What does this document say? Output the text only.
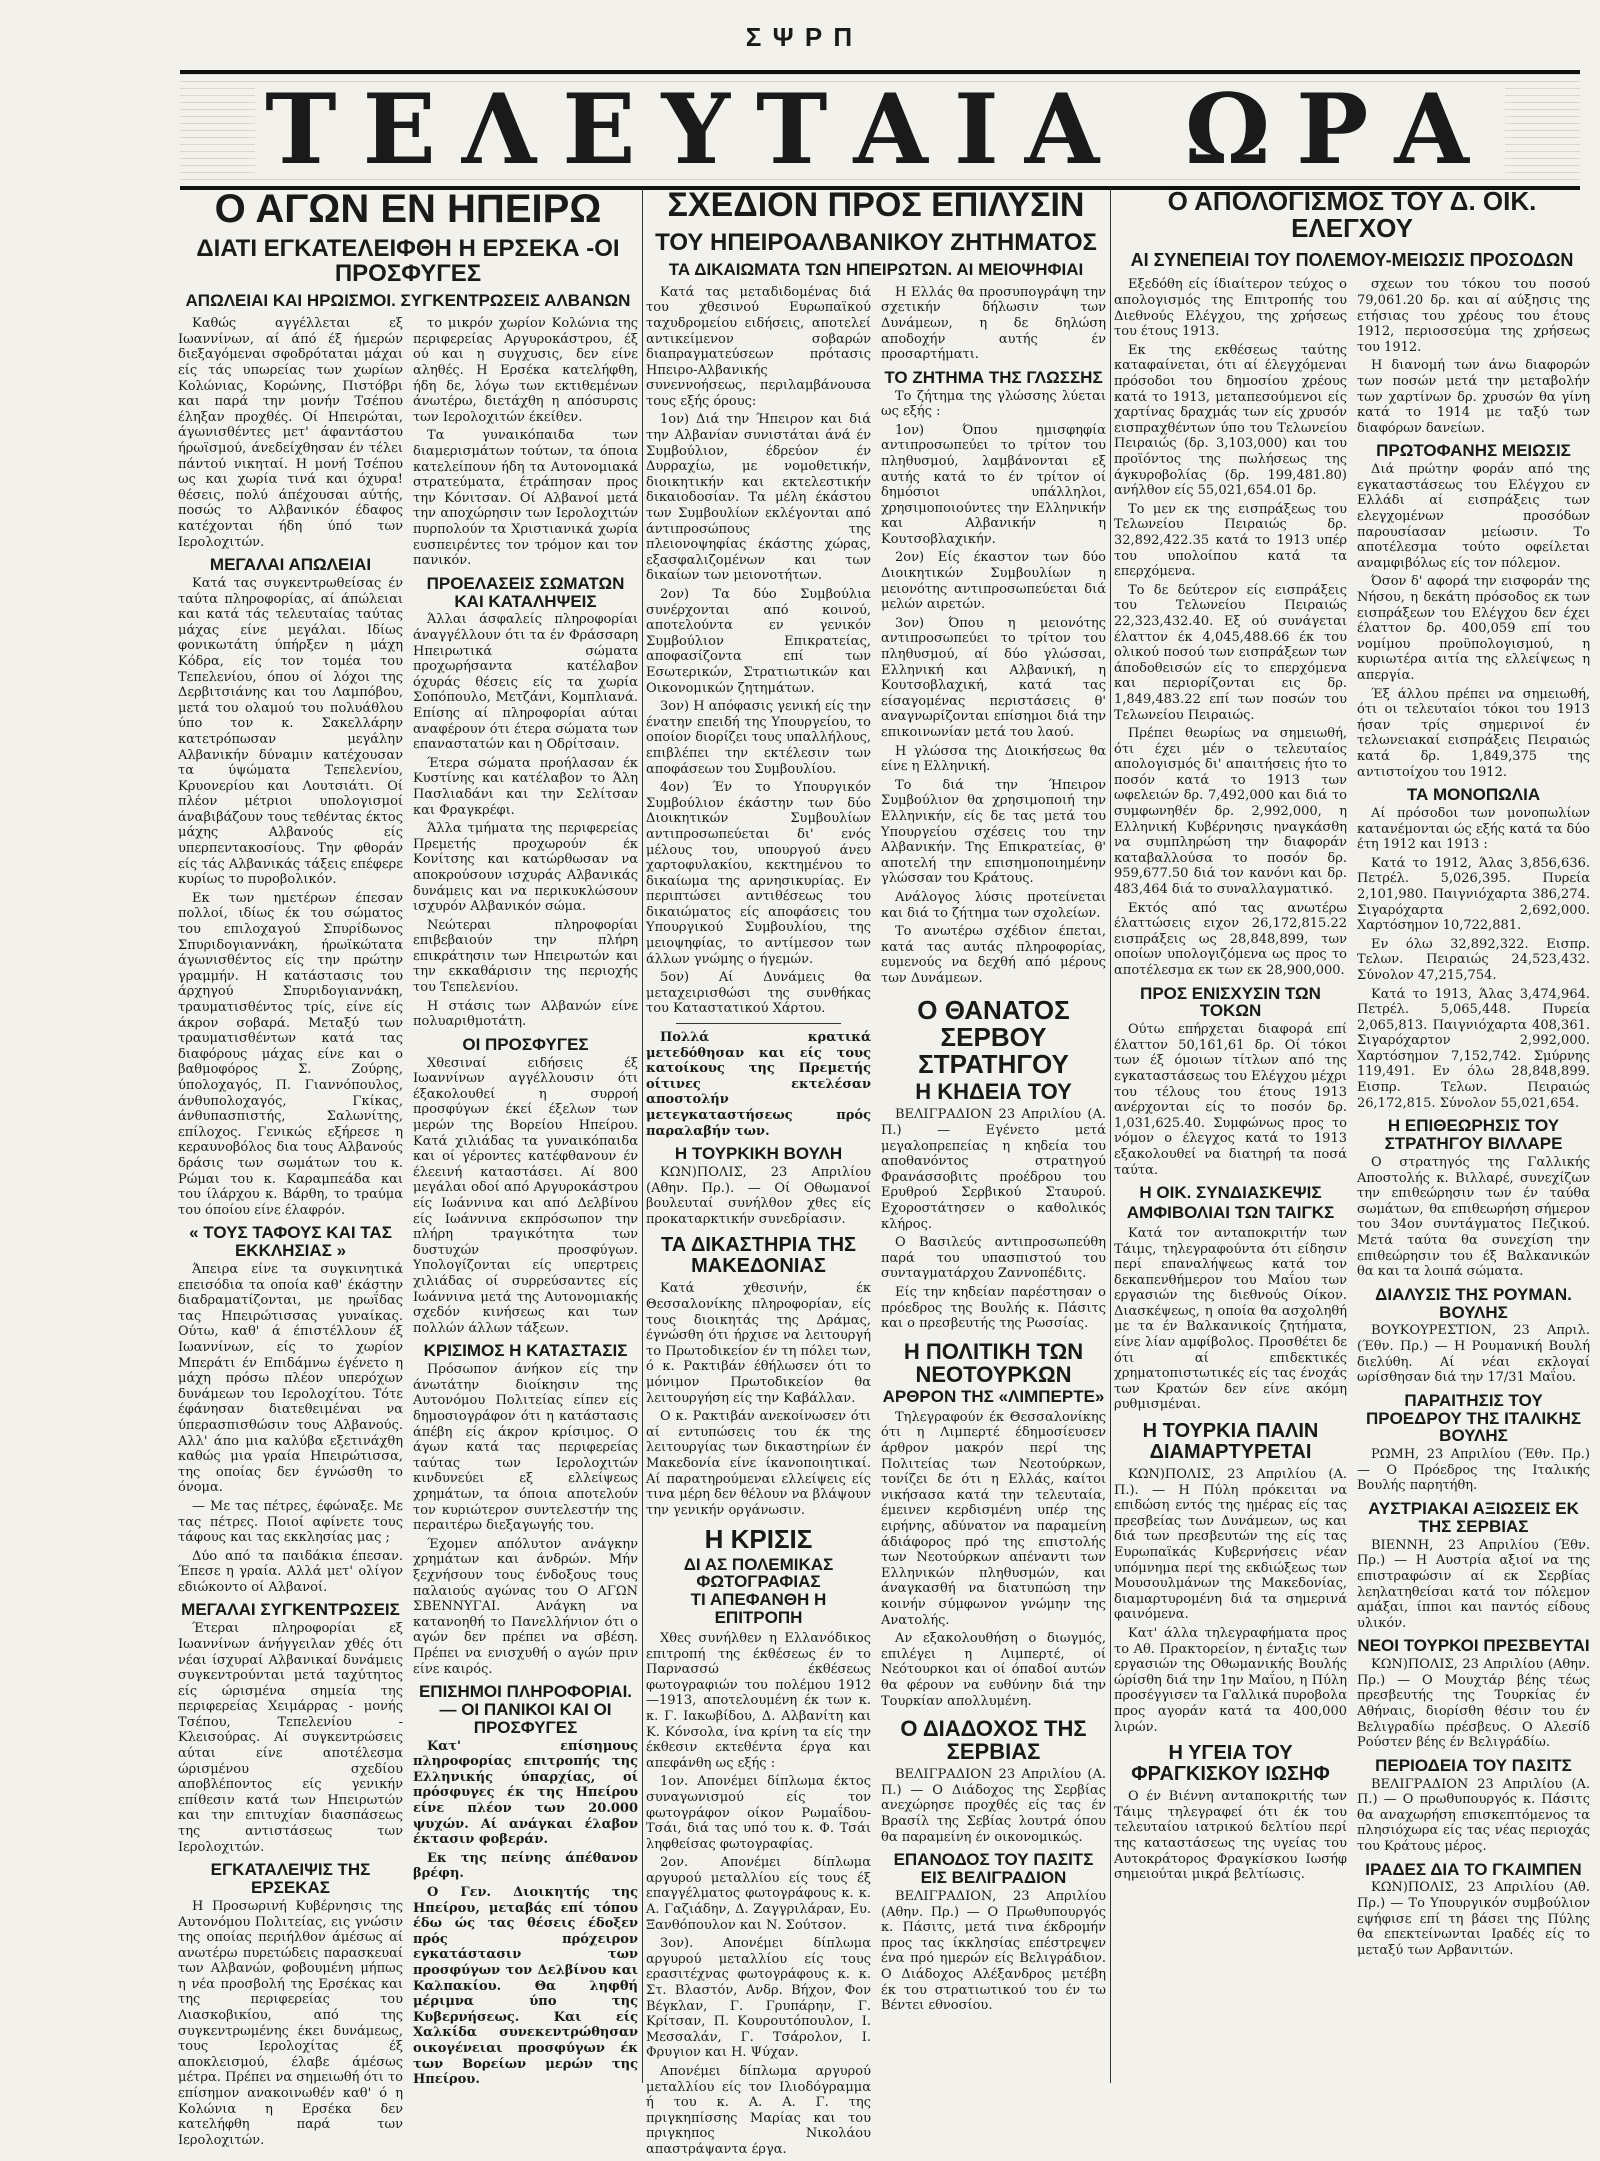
Σ Ψ Ρ Π
ΤΕΛΕΥΤΑΙΑ ΩΡΑ
Ο ΑΓΩΝ ΕΝ ΗΠΕΙΡΩ
ΔΙΑΤΙ ΕΓΚΑΤΕΛΕΙΦΘΗ Η ΕΡΣΕΚΑ -ΟΙ ΠΡΟΣΦΥΓΕΣ
ΑΠΩΛΕΙΑΙ ΚΑΙ ΗΡΩΙΣΜΟΙ. ΣΥΓΚΕΝΤΡΩΣΕΙΣ ΑΛΒΑΝΩΝ

Καθώς αγγέλλεται εξ Ιωαννίνων, αί άπό έξ ήμερών διεξαγόμεναι σφοδρόταται μάχαι είς τάς υπωρείας των χωρίων Κολώνιας, Κορώνης, Πιστόβρι και παρά την μονήν Τσέπου έληξαν προχθές. Οί Ηπειρώται, άγωνισθέντες μετ' άφαντάστου ήρωϊσμού, άνεδείχθησαν έν τέλει πάντού νικηταί. Η μονή Τσέπου ως και χωρία τινά και όχυρα! θέσεις, πολύ άπέχουσαι αύτής, ποσώς το Αλβανικόν έδαφος κατέχονται ήδη ύπό των Ιερολοχιτών.

ΜΕΓΑΛΑΙ ΑΠΩΛΕΙΑΙ

Κατά τας συγκεντρωθείσας έν ταύτα πληροφορίας, αί άπώλειαι και κατά τάς τελευταίας ταύτας μάχας είνε μεγάλαι. Ιδίως φονικωτάτη ύπήρξεν η μάχη Κόδρα, είς τον τομέα του Τεπελενίου, όπου οί λόχοι της Δερβιτσιάνης και του Λαμπόβου, μετά του ολαμού του πολυάθλου ύπο τον κ. Σακελλάρην κατετρόπωσαν μεγάλην Αλβανικήν δύναμιν κατέχουσαν τα ύψώματα Τεπελενίου, Κρυονερίου και Λουτσιάτι. Οί πλέον μέτριοι υπολογισμοί άναβιβάζουν τους τεθέντας έκτος μάχης Αλβανούς είς υπερπεντακοσίους. Την φθοράν είς τάς Αλβανικάς τάξεις επέφερε κυρίως το πυροβολικόν.

Εκ των ημετέρων έπεσαν πολλοί, ιδίως έκ του σώματος του επιλοχαγού Σπυρίδωνος Σπυριδογιαννάκη, ήρωϊκώτατα άγωνισθέντος είς την πρώτην γραμμήν. Η κατάστασις του άρχηγού Σπυριδογιαννάκη, τραυματισθέντος τρίς, είνε είς άκρον σοβαρά. Μεταξύ των τραυματισθέντων κατά τας διαφόρους μάχας είνε και ο βαθμοφόρος Σ. Ζούρης, ύπολοχαγός, Π. Γιαννόπουλος, άνθυπολοχαγός, Γκίκας, άνθυπασπιστής, Σαλωνίτης, επίλοχος. Γενικώς εξήρεσε η κεραυνοβόλος δια τους Αλβανούς δράσις των σωμάτων του κ. Ρώμαι του κ. Καραμπεάδα και του ίλάρχου κ. Βάρθη, το τραύμα του όποίου είνε έλαφρόν.

« ΤΟΥΣ ΤΑΦΟΥΣ ΚΑΙ ΤΑΣ ΕΚΚΛΗΣΙΑΣ »

Άπειρα είνε τα συγκινητικά επεισόδια τα οποία καθ' έκάστην διαδραματίζονται, με ηρωΐδας τας Ηπειρώτισσας γυναίκας. Ούτω, καθ' ά έπιστέλλουν έξ Ιωαννίνων, είς το χωρίον Μπεράτι έν Επιδάμνω έγένετο η μάχη πρόσω πλέον υπερόχων δυνάμεων του Ιερολοχίτου. Τότε έφάνησαν διατεθειμέναι να ύπερασπισθώσιν τους Αλβανούς. Αλλ' άπο μια καλύβα εξετινάχθη καθώς μια γραία Ηπειρώτισσα, της οποίας δεν έγνώσθη το όνομα.

— Με τας πέτρες, έφώναξε. Με τας πέτρες. Ποιοί αφίνετε τους τάφους και τας εκκλησίας μας ;

Δύο από τα παιδάκια έπεσαν. Έπεσε η γραία. Αλλά μετ' ολίγον εδιώκοντο οί Αλβανοί.

ΜΕΓΑΛΑΙ ΣΥΓΚΕΝΤΡΩΣΕΙΣ

Έτεραι πληροφορίαι εξ Ιωαννίνων άνήγγειλαν χθές ότι νέαι ίσχυραί Αλβανικαί δυνάμεις συγκεντρούνται μετά ταχύτητος είς ώρισμένα σημεία της περιφερείας Χειμάρρας - μονής Τσέπου, Τεπελενίου - Κλεισούρας. Αί συγκεντρώσεις αύται είνε αποτέλεσμα ώρισμένου σχεδίου αποβλέποντος είς γενικήν επίθεσιν κατά των Ηπειρωτών και την επιτυχίαν διασπάσεως της αντιστάσεως των Ιερολοχιτών.

ΕΓΚΑΤΑΛΕΙΨΙΣ ΤΗΣ ΕΡΣΕΚΑΣ

Η Προσωρινή Κυβέρνησις της Αυτονόμου Πολιτείας, εις γνώσιν της οποίας περιήλθον άμέσως αί ανωτέρω πυρετώδεις παρασκευαί των Αλβανών, φοβουμένη μήπως η νέα προσβολή της Ερσέκας και της περιφερείας του Λιασκοβικίου, από της συγκεντρωμένης έκει δυνάμεως, τους Ιερολοχίτας έξ αποκλεισμού, έλαβε άμέσως μέτρα. Πρέπει να σημειωθή ότι το επίσημον ανακοινωθέν καθ' ό η Κολώνια η Ερσέκα δεν κατελήφθη παρά των Ιερολοχιτών.

το μικρόν χωρίον Κολώνια της περιφερείας Αργυροκάστρου, έξ ού και η συγχυσις, δεν είνε αληθές. Η Ερσέκα κατελήφθη, ήδη δε, λόγω των εκτιθεμένων άνωτέρω, διετάχθη η απόσυρσις των Ιερολοχιτών έκείθεν.

Τα γυναικόπαιδα των διαμερισμάτων τούτων, τα όποια κατελείπουν ήδη τα Αυτονομιακά στρατεύματα, έτράπησαν προς την Κόνιτσαν. Οί Αλβανοί μετά την αποχώρησιν των Ιερολοχιτών πυρπολούν τα Χριστιανικά χωρία ευσπειρέντες τον τρόμον και τον πανικόν.

ΠΡΟΕΛΑΣΕΙΣ ΣΩΜΑΤΩΝ ΚΑΙ ΚΑΤΑΛΗΨΕΙΣ

Άλλαι άσφαλείς πληροφορίαι άναγγέλλουν ότι τα έν Φράσσαρη Ηπειρωτικά σώματα προχωρήσαντα κατέλαβον όχυράς θέσεις είς τα χωρία Σοπόπουλο, Μετζάνι, Κομπλιανά. Επίσης αί πληροφορίαι αύται αναφέρουν ότι έτερα σώματα των επαναστατών και η Οδρίτσαιν.

Έτερα σώματα προήλασαν έκ Κυστίνης και κατέλαβον το Άλη Πασλιαδάνι και την Σελίτσαν και Φραγκρέφι.

Άλλα τμήματα της περιφερείας Πρεμετής προχωρούν έκ Κονίτσης και κατώρθωσαν να αποκρούσουν ισχυράς Αλβανικάς δυνάμεις και να περικυκλώσουν ισχυρόν Αλβανικόν σώμα.

Νεώτεραι πληροφορίαι επιβεβαιούν την πλήρη επικράτησιν των Ηπειρωτών και την εκκαθάρισιν της περιοχής του Τεπελενίου.

Η στάσις των Αλβανών είνε πολυαριθμοτάτη.

ΟΙ ΠΡΟΣΦΥΓΕΣ

Χθεσιναί ειδήσεις έξ Ιωαννίνων αγγέλλουσιν ότι έξακολουθεί η συρροή προσφύγων έκεί έξελων των μερών της Βορείου Ηπείρου. Κατά χιλιάδας τα γυναικόπαιδα και οί γέροντες κατέφθανουν έν έλεεινή καταστάσει. Αί 800 μεγάλαι οδοί από Αργυροκάστρου είς Ιωάννινα και από Δελβίνου είς Ιωάννινα εκπρόσωπον την πλήρη τραγικότητα των δυστυχών προσφύγων. Υπολογίζονται είς υπερτρεις χιλιάδας οί συρρεύσαντες είς Ιωάννινα μετά της Αυτονομιακής σχεδόν κινήσεως και των πολλών άλλων τάξεων.

ΚΡΙΣΙΜΟΣ Η ΚΑΤΑΣΤΑΣΙΣ

Πρόσωπον άνήκον είς την άνωτάτην διοίκησιν της Αυτονόμου Πολιτείας είπεν είς δημοσιογράφον ότι η κατάστασις άπέβη είς άκρον κρίσιμος. Ο άγων κατά τας περιφερείας ταύτας των Ιερολοχιτών κινδυνεύει εξ ελλείψεως χρημάτων, τα όποια αποτελούν τον κυριώτερον συντελεστήν της περαιτέρω διεξαγωγής του.

Έχομεν απόλυτον ανάγκην χρημάτων και άνδρών. Μήν ξεχνήσουν τους ένδοξους τους παλαιούς αγώνας του Ο ΑΓΩΝ ΣΒΕΝΝΥΓΑΙ. Ανάγκη να κατανοηθή το Πανελλήνιον ότι ο αγών δεν πρέπει να σβέση. Πρέπει να ενισχυθή ο αγών πριν είνε καιρός.

ΕΠΙΣΗΜΟΙ ΠΛΗΡΟΦΟΡΙΑΙ. — ΟΙ ΠΑΝΙΚΟΙ ΚΑΙ ΟΙ ΠΡΟΣΦΥΓΕΣ

Κατ' επίσημους πληροφορίας επιτροπής της Ελληνικής ύπαρχίας, οί πρόσφυγες έκ της Ηπείρου είνε πλέον των 20.000 ψυχών. Αί ανάγκαι έλαβον έκτασιν φοβεράν.

Εκ της πείνης άπέθανον βρέφη.

Ο Γεν. Διοικητής της Ηπείρου, μεταβάς επί τόπου έδω ώς τας θέσεις έδοξεν πρός πρόχειρον εγκατάστασιν των προσφύγων τον Δελβίνου και Καλπακίου. Θα ληφθή μέριμνα ύπο της Κυβερνήσεως. Και είς Χαλκίδα συνεκεντρώθησαν οικογένειαι προσφύγων έκ των Βορείων μερών της Ηπείρου.

ΣΧΕΔΙΟΝ ΠΡΟΣ ΕΠΙΛΥΣΙΝ
ΤΟΥ ΗΠΕΙΡΟΑΛΒΑΝΙΚΟΥ ΖΗΤΗΜΑΤΟΣ
ΤΑ ΔΙΚΑΙΩΜΑΤΑ ΤΩΝ ΗΠΕΙΡΩΤΩΝ. ΑΙ ΜΕΙΟΨΗΦΙΑΙ

Κατά τας μεταδιδομένας διά του χθεσινού Ευρωπαϊκού ταχυδρομείου ειδήσεις, αποτελεί αντικείμενον σοβαρών διαπραγματεύσεων πρότασις Ηπειρο-Αλβανικής συνεννοήσεως, περιλαμβάνουσα τους εξής όρους:

1ον) Διά την Ήπειρον και διά την Αλβανίαν συνιστάται άνά έν Συμβούλιον, έδρεύον έν Δυρραχίω, με νομοθετικήν, διοικητικήν και εκτελεστικήν δικαιοδοσίαν. Τα μέλη έκάστου των Συμβουλίων εκλέγονται από άντιπροσώπους της πλειονοψηφίας έκάστης χώρας, εξασφαλιζομένων και των δικαίων των μειονοτήτων.

2ον) Τα δύο Συμβούλια συνέρχονται από κοινού, αποτελούντα εν γενικόν Συμβούλιον Επικρατείας, αποφασίζοντα επί των Εσωτερικών, Στρατιωτικών και Οικονομικών ζητημάτων.

3ον) Η απόφασις γενική είς την ένατην επειδή της Υπουργείου, το οποίον διορίζει τους υπαλλήλους, επιβλέπει την εκτέλεσιν των αποφάσεων του Συμβουλίου.

4ον) Έν το Υπουργικόν Συμβούλιον έκάστην των δύο Διοικητικών Συμβουλίων αντιπροσωπεύεται δι' ενός μέλους του, υπουργού άνευ χαρτοφυλακίου, κεκτημένου το δικαίωμα της αρνησικυρίας. Εν περιπτώσει αντιθέσεως του δικαιώματος είς αποφάσεις του Υπουργικού Συμβουλίου, της μειοψηφίας, το αντίμεσον των άλλων γνώμης ο ήγεμών.

5ον) Αί Δυνάμεις θα μεταχειρισθώσι της συνθήκας του Καταστατικού Χάρτου.

Πολλά κρατικά μετεδόθησαν και είς τους κατοίκους της Πρεμετής οίτινες εκτελέσαν αποστολήν μετεγκαταστήσεως πρός παραλαβήν των.

Η ΤΟΥΡΚΙΚΗ ΒΟΥΛΗ

ΚΩΝ)ΠΟΛΙΣ, 23 Απριλίου (Αθην. Πρ.). — Οί Οθωμανοί βουλευταί συνήλθον χθες είς προκαταρκτικήν συνεδρίασιν.

ΤΑ ΔΙΚΑΣΤΗΡΙΑ ΤΗΣ ΜΑΚΕΔΟΝΙΑΣ

Κατά χθεσινήν, έκ Θεσσαλονίκης πληροφορίαν, είς τους διοικητάς της Δράμας, έγνώσθη ότι ήρχισε να λειτουργή το Πρωτοδικείον έν τη πόλει των, ό κ. Ρακτιβάν έθήλωσεν ότι το μόνιμον Πρωτοδικείον θα λειτουργήση είς την Καβάλλαν.

Ο κ. Ρακτιβάν ανεκοίνωσεν ότι αί εντυπώσεις του έκ της λειτουργίας των δικαστηρίων έν Μακεδονία είνε ίκανοποιητικαί. Αί παρατηρούμεναι ελλείψεις είς τινα μέρη δεν θέλουν να βλάψουν την γενικήν οργάνωσιν.

Η ΚΡΙΣΙΣ
ΔΙ ΑΣ ΠΟΛΕΜΙΚΑΣ ΦΩΤΟΓΡΑΦΙΑΣ
ΤΙ ΑΠΕΦΑΝΘΗ Η ΕΠΙΤΡΟΠΗ

Χθες συνήλθεν η Ελλανόδικος επιτροπή της έκθέσεως έν το Παρνασσώ έκθέσεως φωτογραφιών του πολέμου 1912—1913, αποτελουμένη έκ των κ. κ. Γ. Ιακωβίδου, Δ. Αλβανίτη και Κ. Κόνσολα, ίνα κρίνη τα είς την έκθεσιν εκτεθέντα έργα και απεφάνθη ως εξής :

1ον. Απονέμει δίπλωμα έκτος συναγωνισμού είς τον φωτογράφον οίκον Ρωμαΐδου-Τσάι, διά τας υπό του κ. Φ. Τσάι ληφθείσας φωτογραφίας.

2ον. Απονέμει δίπλωμα αργυρού μεταλλίου είς τους έξ επαγγέλματος φωτογράφους κ. κ. Α. Γαζιάδην, Δ. Ζαγγριλάραν, Ευ. Ξανθόπουλον και Ν. Σούτσον.

3ον). Απονέμει δίπλωμα αργυρού μεταλλίου είς τους ερασιτέχνας φωτογράφους κ. κ. Στ. Βλαστόν, Ανδρ. Βήχον, Φον Βέγκλαν, Γ. Γρυπάρην, Γ. Κρίτσαν, Π. Κουρουτόπουλον, Ι. Μεσσαλάν, Γ. Τσάρολον, Ι. Φρυγιον και Η. Ψύχαν.

Απονέμει δίπλωμα αργυρού μεταλλίου είς τον Ιλιοδόγραμμα ή του κ. Α. Α. Γ. της πριγκηπίσσης Μαρίας και του πριγκηπος Νικολάου απαστράψαντα έργα.

Η Ελλάς θα προσυπογράψη την σχετικήν δήλωσιν των Δυνάμεων, η δε δηλώση αποδοχήν αυτής έν προσαρτήματι.

ΤΟ ΖΗΤΗΜΑ ΤΗΣ ΓΛΩΣΣΗΣ

Το ζήτημα της γλώσσης λύεται ως εξής :

1ον) Όπου ημισφηφία αντιπροσωπεύει το τρίτον του πληθυσμού, λαμβάνονται εξ αυτής κατά το έν τρίτον οί δημόσιοι υπάλληλοι, χρησιμοποιούντες την Ελληνικήν και Αλβανικήν η Κουτσοβλαχικήν.

2ον) Είς έκαστον των δύο Διοικητικών Συμβουλίων η μειονότης αντιπροσωπεύεται διά μελών αιρετών.

3ον) Όπου η μειονότης αντιπροσωπεύει το τρίτον του πληθυσμού, αί δύο γλώσσαι, Ελληνική και Αλβανική, η Κουτσοβλαχική, κατά τας είσαγομένας περιστάσεις θ' αναγνωρίζονται επίσημοι διά την επικοινωνίαν μετά του λαού.

Η γλώσσα της Διοικήσεως θα είνε η Ελληνική.

Το διά την Ήπειρον Συμβούλιον θα χρησιμοποιή την Ελληνικήν, είς δε τας μετά του Υπουργείου σχέσεις του την Αλβανικήν. Της Επικρατείας, θ' αποτελή την επισημοποιημένην γλώσσαν του Κράτους.

Ανάλογος λύσις προτείνεται και διά το ζήτημα των σχολείων.

Το ανωτέρω σχέδιον έπεται, κατά τας αυτάς πληροφορίας, ευμενούς να δεχθή από μέρους των Δυνάμεων.

Ο ΘΑΝΑΤΟΣ ΣΕΡΒΟΥ ΣΤΡΑΤΗΓΟΥ
Η ΚΗΔΕΙΑ ΤΟΥ

ΒΕΛΙΓΡΑΔΙΟΝ 23 Απριλίου (Α. Π.) — Εγένετο μετά μεγαλοπρεπείας η κηδεία του αποθανόντος στρατηγού Φρανάσσοβιτς προέδρου του Ερυθρού Σερβικού Σταυρού. Εχοροστάτησεν ο καθολικός κλήρος.

Ο Βασιλεύς αντιπροσωπεύθη παρά του υπασπιστού του συνταγματάρχου Ζαννοπέδιτς.

Είς την κηδείαν παρέστησαν ο πρόεδρος της Βουλής κ. Πάσιτς και ο πρεσβευτής της Ρωσσίας.

Η ΠΟΛΙΤΙΚΗ ΤΩΝ ΝΕΟΤΟΥΡΚΩΝ
ΑΡΘΡΟΝ ΤΗΣ «ΛΙΜΠΕΡΤΕ»

Τηλεγραφούν έκ Θεσσαλονίκης ότι η Λιμπερτέ έδημοσίευσεν άρθρον μακρόν περί της Πολιτείας των Νεοτούρκων, τονίζει δε ότι η Ελλάς, καίτοι νικήσασα κατά την τελευταία, έμεινεν κερδισμένη υπέρ της ειρήνης, αδύνατον να παραμείνη άδιάφορος πρό της επιστολής των Νεοτούρκων απέναντι των Ελληνικών πληθυσμών, και άναγκασθή να διατυπώση την κοινήν σύμφωνον γνώμην της Ανατολής.

Αν εξακολουθήση ο διωγμός, επιλέγει η Λιμπερτέ, οί Νεότουρκοι και οί όπαδοί αυτών θα φέρουν να ευθύνην διά την Τουρκίαν απολλυμένη.

Ο ΔΙΑΔΟΧΟΣ ΤΗΣ ΣΕΡΒΙΑΣ

ΒΕΛΙΓΡΑΔΙΟΝ 23 Απριλίου (Α. Π.) — Ο Διάδοχος της Σερβίας ανεχώρησε προχθές είς τας έν Βρασίλ της Σεβίας λουτρά όπου θα παραμείνη έν οικονομικώς.

ΕΠΑΝΟΔΟΣ ΤΟΥ ΠΑΣΙΤΣ ΕΙΣ ΒΕΛΙΓΡΑΔΙΟΝ

ΒΕΛΙΓΡΑΔΙΟΝ, 23 Απριλίου (Αθην. Πρ.) — Ο Πρωθυπουργός κ. Πάσιτς, μετά τινα έκδρομήν προς τας ίκκλησίας επέστρεψεν ένα πρό ημερών είς Βελιγράδιον. Ο Διάδοχος Αλέξανδρος μετέβη έκ του στρατιωτικού του έν τω Βέντει εθνοσίου.

Ο ΑΠΟΛΟΓΙΣΜΟΣ ΤΟΥ Δ. ΟΙΚ. ΕΛΕΓΧΟΥ
ΑΙ ΣΥΝΕΠΕΙΑΙ ΤΟΥ ΠΟΛΕΜΟΥ-ΜΕΙΩΣΙΣ ΠΡΟΣΟΔΩΝ

Εξεδόθη είς ίδιαίτερον τεύχος ο απολογισμός της Επιτροπής του Διεθνούς Ελέγχου, της χρήσεως του έτους 1913.

Εκ της εκθέσεως ταύτης καταφαίνεται, ότι αί έλεγχόμεναι πρόσοδοι του δημοσίου χρέους κατά το 1913, μεταπεσούμενοι είς χαρτίνας δραχμάς των είς χρυσόν εισπραχθέντων ύπο του Τελωνείου Πειραιώς (δρ. 3,103,000) και του προϊόντος της πωλήσεως της άγκυροβολίας (δρ. 199,481.80) ανήλθον είς 55,021,654.01 δρ.

Το μεν εκ της εισπράξεως του Τελωνείου Πειραιώς δρ. 32,892,422.35 κατά το 1913 υπέρ του υπολοίπου κατά τα επερχόμενα.

Το δε δεύτερον είς εισπράξεις του Τελωνείου Πειραιώς 22,323,432.40. Εξ ού συνάγεται έλαττον έκ 4,045,488.66 έκ του ολικού ποσού των εισπράξεων των άποδοθεισών είς το επερχόμενα και περιορίζονται εις δρ. 1,849,483.22 επί των ποσών του Τελωνείου Πειραιώς.

Πρέπει θεωρίως να σημειωθή, ότι έχει μέν ο τελευταίος απολογισμός δι' απαιτήσεις ήτο το ποσόν κατά το 1913 των ωφελειών δρ. 7,492,000 και διά το συμφωνηθέν δρ. 2,992,000, η Ελληνική Κυβέρνησις ηναγκάσθη να συμπληρώση την διαφοράν καταβαλλούσα το ποσόν δρ. 959,677.50 διά τον κανόνι και δρ. 483,464 διά το συναλλαγματικό.

Εκτός από τας ανωτέρω έλαττώσεις ειχον 26,172,815.22 εισπράξεις ως 28,848,899, των οποίων υπολογιζόμενα ως προς το αποτέλεσμα εκ των εκ 28,900,000.

ΠΡΟΣ ΕΝΙΣΧΥΣΙΝ ΤΩΝ ΤΟΚΩΝ

Ούτω επήρχεται διαφορά επί έλαττον 50,161,61 δρ. Οί τόκοι των έξ όμοιων τίτλων από της εγκαταστάσεως του Ελέγχου μέχρι του τέλους του έτους 1913 ανέρχονται είς το ποσόν δρ. 1,031,625.40. Συμφώνως προς το νόμον ο έλεγχος κατά το 1913 εξακολουθεί να διατηρή τα ποσά ταύτα.

Η ΟΙΚ. ΣΥΝΔΙΑΣΚΕΨΙΣ
ΑΜΦΙΒΟΛΙΑΙ ΤΩΝ ΤΑΙΓΚΣ

Κατά τον ανταποκριτήν των Τάιμς, τηλεγραφούντα ότι είδησιν περί επαναλήψεως κατά τον δεκαπενθήμερον του Μαΐου των εργασιών της διεθνούς Οίκον. Διασκέψεως, η οποία θα ασχοληθή με τα έν Βαλκανικοίς ζητήματα, είνε λίαν αμφίβολος. Προσθέτει δε ότι αί επιδεκτικές χρηματοπιστωτικές είς τας ένοχάς των Κρατών δεν είνε ακόμη ρυθμισμέναι.

Η ΤΟΥΡΚΙΑ ΠΑΛΙΝ ΔΙΑΜΑΡΤΥΡΕΤΑΙ

ΚΩΝ)ΠΟΛΙΣ, 23 Απριλίου (Α. Π.). — Η Πύλη πρόκειται να επιδώση εντός της ημέρας είς τας πρεσβείας των Δυνάμεων, ως και διά των πρεσβευτών της είς τας Ευρωπαϊκάς Κυβερνήσεις νέαν υπόμνημα περί της εκδιώξεως των Μουσουλμάνων της Μακεδονίας, διαμαρτυρομένη διά τα σημερινά φαινόμενα.

Κατ' άλλα τηλεγραφήματα προς το Αθ. Πρακτορείον, η ένταξις των εργασιών της Οθωμανικής Βουλής ώρίσθη διά την 1ην Μαΐου, η Πύλη προσέγγισεν τα Γαλλικά πυροβολα προς αγοράν κατά τα 400,000 λιρών.

Η ΥΓΕΙΑ ΤΟΥ ΦΡΑΓΚΙΣΚΟΥ ΙΩΣΗΦ

Ο έν Βιέννη ανταποκριτής των Τάιμς τηλεγραφεί ότι έκ του τελευταίου ιατρικού δελτίου περί της καταστάσεως της υγείας του Αυτοκράτορος Φραγκίσκου Ιωσήφ σημειούται μικρά βελτίωσις.

σχεων του τόκου του ποσού 79,061.20 δρ. και αί αύξησις της ετήσιας του χρέους του έτους 1912, περιοσσεύμα της χρήσεως του 1912.

Η διανομή των άνω διαφορών των ποσών μετά την μεταβολήν των χαρτίνων δρ. χρυσών θα γίνη κατά το 1914 με ταξύ των διαφόρων δανείων.

ΠΡΩΤΟΦΑΝΗΣ ΜΕΙΩΣΙΣ

Διά πρώτην φοράν από της εγκαταστάσεως του Ελέγχου εν Ελλάδι αί εισπράξεις των ελεγχομένων προσόδων παρουσίασαν μείωσιν. Το αποτέλεσμα τούτο οφείλεται αναμφιβόλως είς τον πόλεμον.

Όσον δ' αφορά την εισφοράν της Νήσου, η δεκάτη πρόσοδος εκ των εισπράξεων του Ελέγχου δεν έχει έλαττον δρ. 400,059 επί του νομίμου προϋπολογισμού, η κυριωτέρα αιτία της ελλείψεως η απεργία.

Έξ άλλου πρέπει να σημειωθή, ότι οι τελευταίοι τόκοι του 1913 ήσαν τρίς σημερινοί έν τελωνειακαί εισπράξεις Πειραιώς κατά δρ. 1,849,375 της αντιστοίχου του 1912.

ΤΑ ΜΟΝΟΠΩΛΙΑ

Αί πρόσοδοι των μονοπωλίων κατανέμονται ώς εξής κατά τα δύο έτη 1912 και 1913 :

Κατά το 1912, Άλας 3,856,636. Πετρέλ. 5,026,395. Πυρεία 2,101,980. Παιγνιόχαρτα 386,274. Σιγαρόχαρτα 2,692,000. Χαρτόσημον 10,722,881.

Εν όλω 32,892,322. Εισπρ. Τελων. Πειραιώς 24,523,432. Σύνολον 47,215,754.

Κατά το 1913, Άλας 3,474,964. Πετρέλ. 5,065,448. Πυρεία 2,065,813. Παιγνιόχαρτα 408,361. Σιγαρόχαρτον 2,992,000. Χαρτόσημον 7,152,742. Σμύρνης 119,491. Εν όλω 28,848,899. Εισπρ. Τελων. Πειραιώς 26,172,815. Σύνολον 55,021,654.

Η ΕΠΙΘΕΩΡΗΣΙΣ ΤΟΥ ΣΤΡΑΤΗΓΟΥ ΒΙΛΛΑΡΕ

Ο στρατηγός της Γαλλικής Αποστολής κ. Βιλλαρέ, συνεχίζων την επιθεώρησιν των έν ταύθα σωμάτων, θα επιθεωρήση σήμερον του 34ον συντάγματος Πεζικού. Μετά ταύτα θα συνεχίση την επιθεώρησιν του έξ Βαλκανικών θα και τα λοιπά σώματα.

ΔΙΑΛΥΣΙΣ ΤΗΣ ΡΟΥΜΑΝ. ΒΟΥΛΗΣ

ΒΟΥΚΟΥΡΕΣΤΙΟΝ, 23 Απριλ. (Έθν. Πρ.) — Η Ρουμανική Βουλή διελύθη. Αί νέαι εκλογαί ωρίσθησαν διά την 17/31 Μαΐου.

ΠΑΡΑΙΤΗΣΙΣ ΤΟΥ ΠΡΟΕΔΡΟΥ ΤΗΣ ΙΤΑΛΙΚΗΣ ΒΟΥΛΗΣ

ΡΩΜΗ, 23 Απριλίου (Έθν. Πρ.) — Ο Πρόεδρος της Ιταλικής Βουλής παρητήθη.

ΑΥΣΤΡΙΑΚΑΙ ΑΞΙΩΣΕΙΣ ΕΚ ΤΗΣ ΣΕΡΒΙΑΣ

ΒΙΕΝΝΗ, 23 Απριλίου (Έθν. Πρ.) — Η Αυστρία αξιοί να της επιστραφώσιν αί εκ Σερβίας λεηλατηθείσαι κατά τον πόλεμον αμάξαι, ίπποι και παντός είδους υλικόν.

ΝΕΟΙ ΤΟΥΡΚΟΙ ΠΡΕΣΒΕΥΤΑΙ

ΚΩΝ)ΠΟΛΙΣ, 23 Απριλίου (Αθην. Πρ.) — Ο Μουχτάρ βέης τέως πρεσβευτής της Τουρκίας έν Αθήναις, διορίσθη θέσιν του έν Βελιγραδίω πρέσβευς. Ο Αλεσίδ Ρούστεν βέης έν Βελιγράδίω.

ΠΕΡΙΟΔΕΙΑ ΤΟΥ ΠΑΣΙΤΣ

ΒΕΛΙΓΡΑΔΙΟΝ 23 Απριλίου (Α. Π.) — Ο πρωθυπουργός κ. Πάσιτς θα αναχωρήση επισκεπτόμενος τα πλησιόχωρα είς τας νέας περιοχάς του Κράτους μέρος.

ΙΡΑΔΕΣ ΔΙΑ ΤΟ ΓΚΑΙΜΠΕΝ

ΚΩΝ)ΠΟΛΙΣ, 23 Απριλίου (Αθ. Πρ.) — Το Υπουργικόν συμβούλιον εψήφισε επί τη βάσει της Πύλης θα επεκτείνωνται Ιραδές είς το μεταξύ των Αρβανιτών.
